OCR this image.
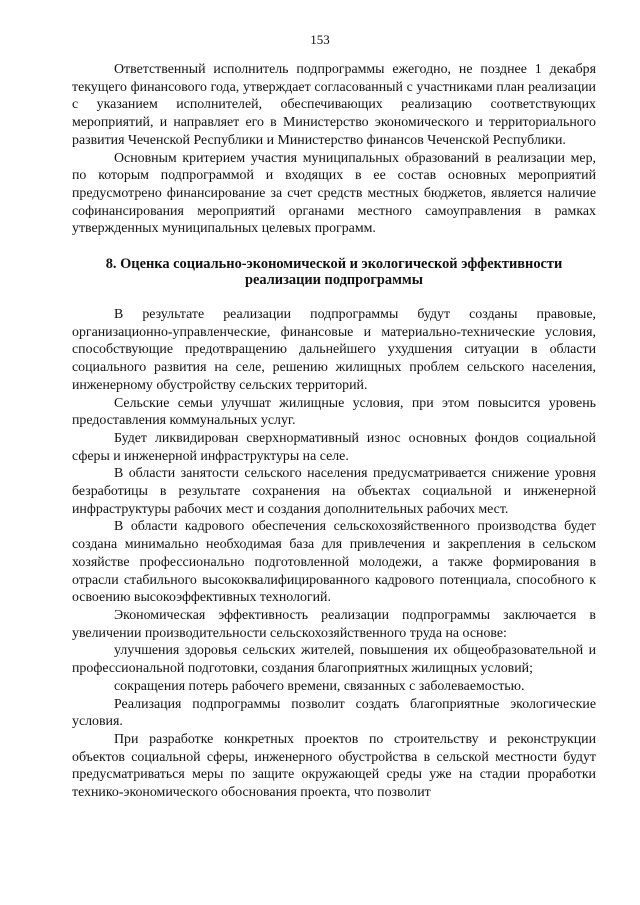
153

Ответственный исполнитель подпрограммы ежегодно, не позднее 1 декабря текущего финансового года, утверждает согласованный с участниками план реализации с указанием исполнителей, обеспечивающих реализацию соответствующих мероприятий, и направляет его в Министерство экономического и территориального развития Чеченской Республики и Министерство финансов Чеченской Республики.

Основным критерием участия муниципальных образований в реализации мер, по которым подпрограммой и входящих в ее состав основных мероприятий предусмотрено финансирование за счет средств местных бюджетов, является наличие софинансирования мероприятий органами местного самоуправления в рамках утвержденных муниципальных целевых программ.

8. Оценка социально-экономической и экологической эффективности
реализации подпрограммы

В результате реализации подпрограммы будут созданы правовые, организационно-управленческие, финансовые и материально-технические условия, способствующие предотвращению дальнейшего ухудшения ситуации в области социального развития на селе, решению жилищных проблем сельского населения, инженерному обустройству сельских территорий.

Сельские семьи улучшат жилищные условия, при этом повысится уровень предоставления коммунальных услуг.

Будет ликвидирован сверхнормативный износ основных фондов социальной сферы и инженерной инфраструктуры на селе.

В области занятости сельского населения предусматривается снижение уровня безработицы в результате сохранения на объектах социальной и инженерной инфраструктуры рабочих мест и создания дополнительных рабочих мест.

В области кадрового обеспечения сельскохозяйственного производства будет создана минимально необходимая база для привлечения и закрепления в сельском хозяйстве профессионально подготовленной молодежи, а также формирования в отрасли стабильного высококвалифицированного кадрового потенциала, способного к освоению высокоэффективных технологий.

Экономическая эффективность реализации подпрограммы заключается в увеличении производительности сельскохозяйственного труда на основе:

улучшения здоровья сельских жителей, повышения их общеобразовательной и профессиональной подготовки, создания благоприятных жилищных условий;

сокращения потерь рабочего времени, связанных с заболеваемостью.

Реализация подпрограммы позволит создать благоприятные экологические условия.

При разработке конкретных проектов по строительству и реконструкции объектов социальной сферы, инженерного обустройства в сельской местности будут предусматриваться меры по защите окружающей среды уже на стадии проработки технико-экономического обоснования проекта, что позволит
